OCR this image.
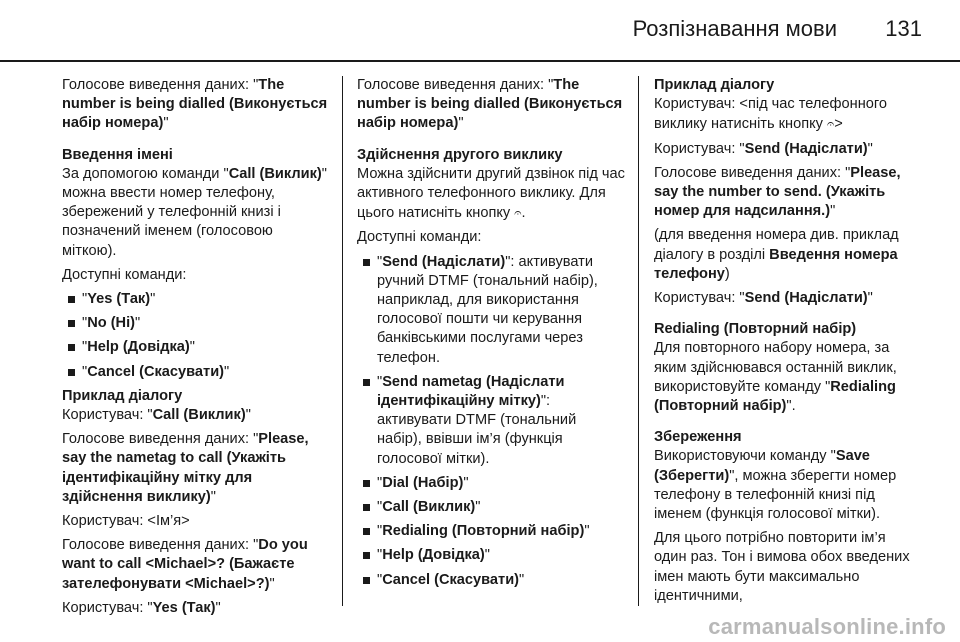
Розпізнавання мови 131

Голосове виведення даних: "The number is being dialled (Виконується набір номера)"

Введення імені

За допомогою команди "Call (Виклик)" можна ввести номер телефону, збережений у телефонній книзі і позначений іменем (голосовою міткою).

Доступні команди:

"Yes (Так)"
"No (Ні)"
"Help (Довідка)"
"Cancel (Скасувати)"

Приклад діалогу

Користувач: "Call (Виклик)"

Голосове виведення даних: "Please, say the nametag to call (Укажіть ідентифікаційну мітку для здійснення виклику)"

Користувач: <Ім’я>

Голосове виведення даних: "Do you want to call <Michael>? (Бажаєте зателефонувати <Michael>?)"

Користувач: "Yes (Так)"

Голосове виведення даних: "The number is being dialled (Виконується набір номера)"

Здійснення другого виклику

Можна здійснити другий дзвінок під час активного телефонного виклику. Для цього натисніть кнопку 𝄐.

Доступні команди:

"Send (Надіслати)": активувати ручний DTMF (тональний набір), наприклад, для використання голосової пошти чи керування банківськими послугами через телефон.
"Send nametag (Надіслати ідентифікаційну мітку)": активувати DTMF (тональний набір), ввівши ім’я (функція голосової мітки).
"Dial (Набір)"
"Call (Виклик)"
"Redialing (Повторний набір)"
"Help (Довідка)"
"Cancel (Скасувати)"

Приклад діалогу

Користувач: <під час телефонного виклику натисніть кнопку 𝄐>

Користувач: "Send (Надіслати)"

Голосове виведення даних: "Please, say the number to send. (Укажіть номер для надсилання.)"

(для введення номера див. приклад діалогу в розділі Введення номера телефону)

Користувач: "Send (Надіслати)"

Redialing (Повторний набір)

Для повторного набору номера, за яким здійснювався останній виклик, використовуйте команду "Redialing (Повторний набір)".

Збереження

Використовуючи команду "Save (Зберегти)", можна зберегти номер телефону в телефонній книзі під іменем (функція голосової мітки).

Для цього потрібно повторити ім’я один раз. Тон і вимова обох введених імен мають бути максимально ідентичними,

carmanualsonline.info
